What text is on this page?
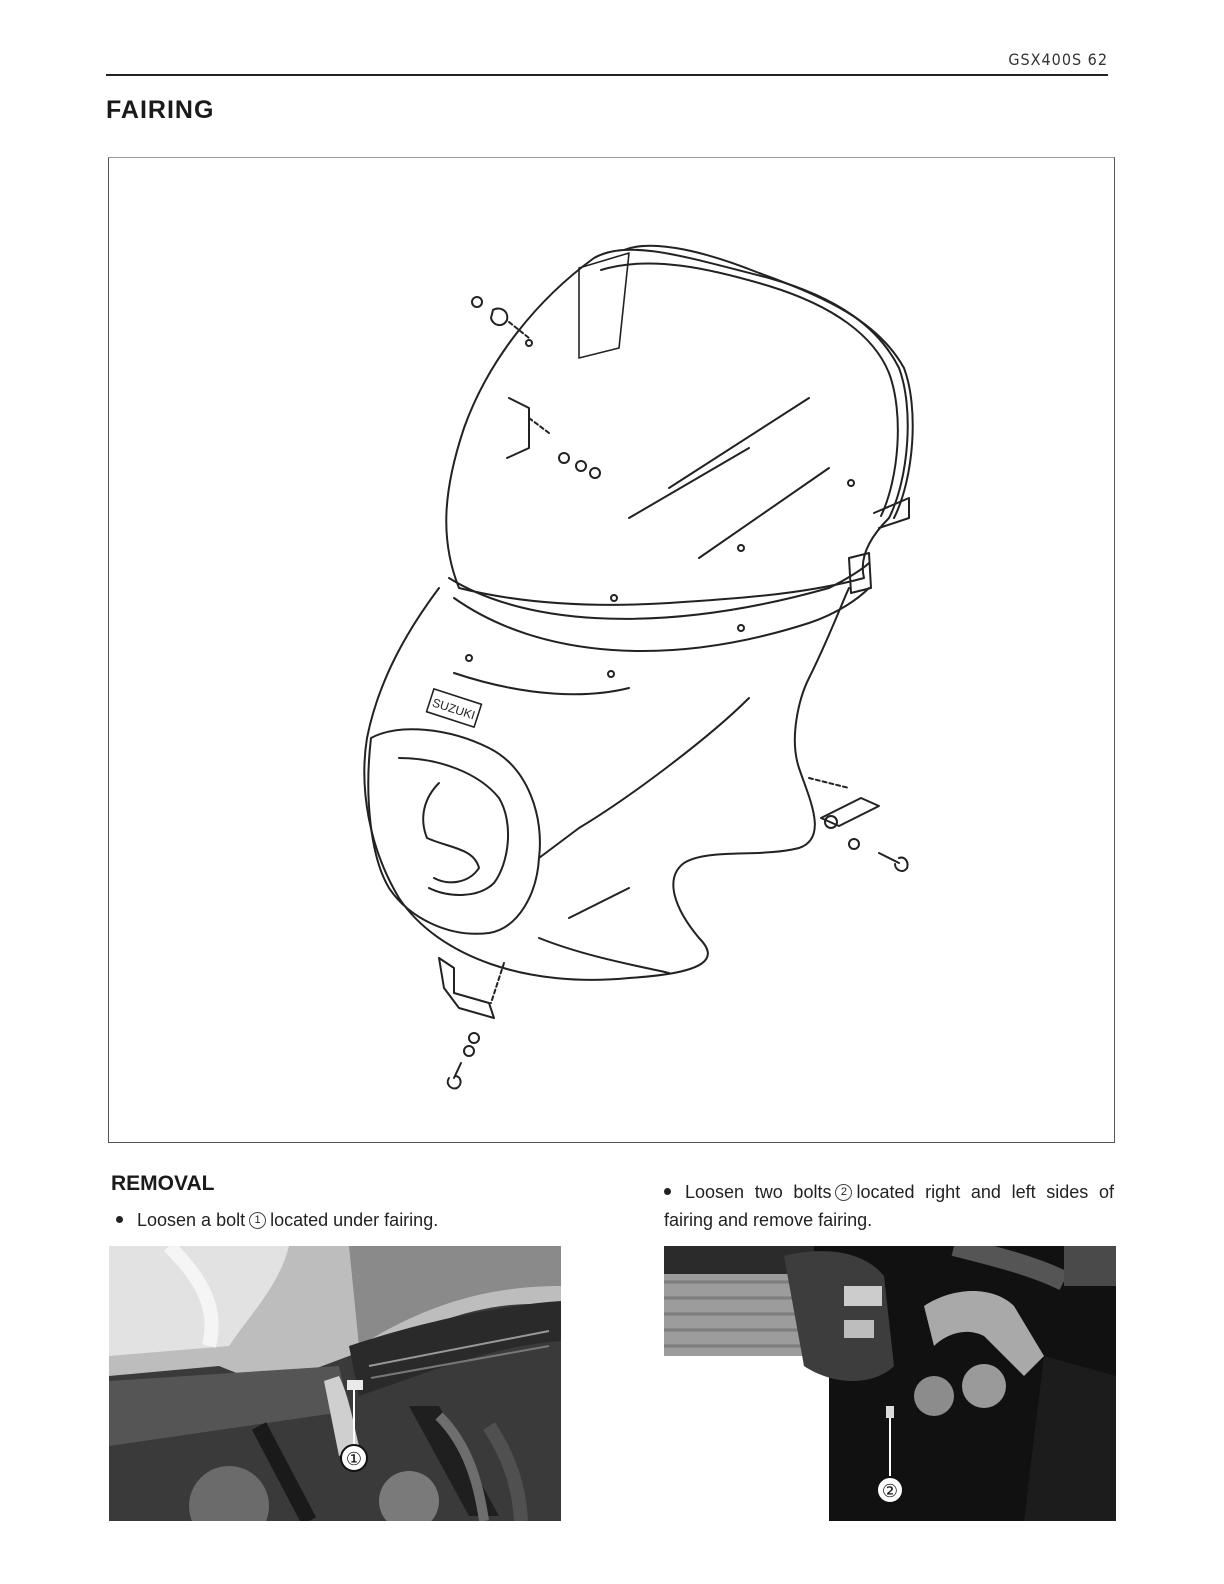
GSX400S 62
FAIRING
SUZUKI
REMOVAL
Loosen a bolt 1 located under fairing.
Loosen two bolts 2 located right and left sides of fairing and remove fairing.
①
②
